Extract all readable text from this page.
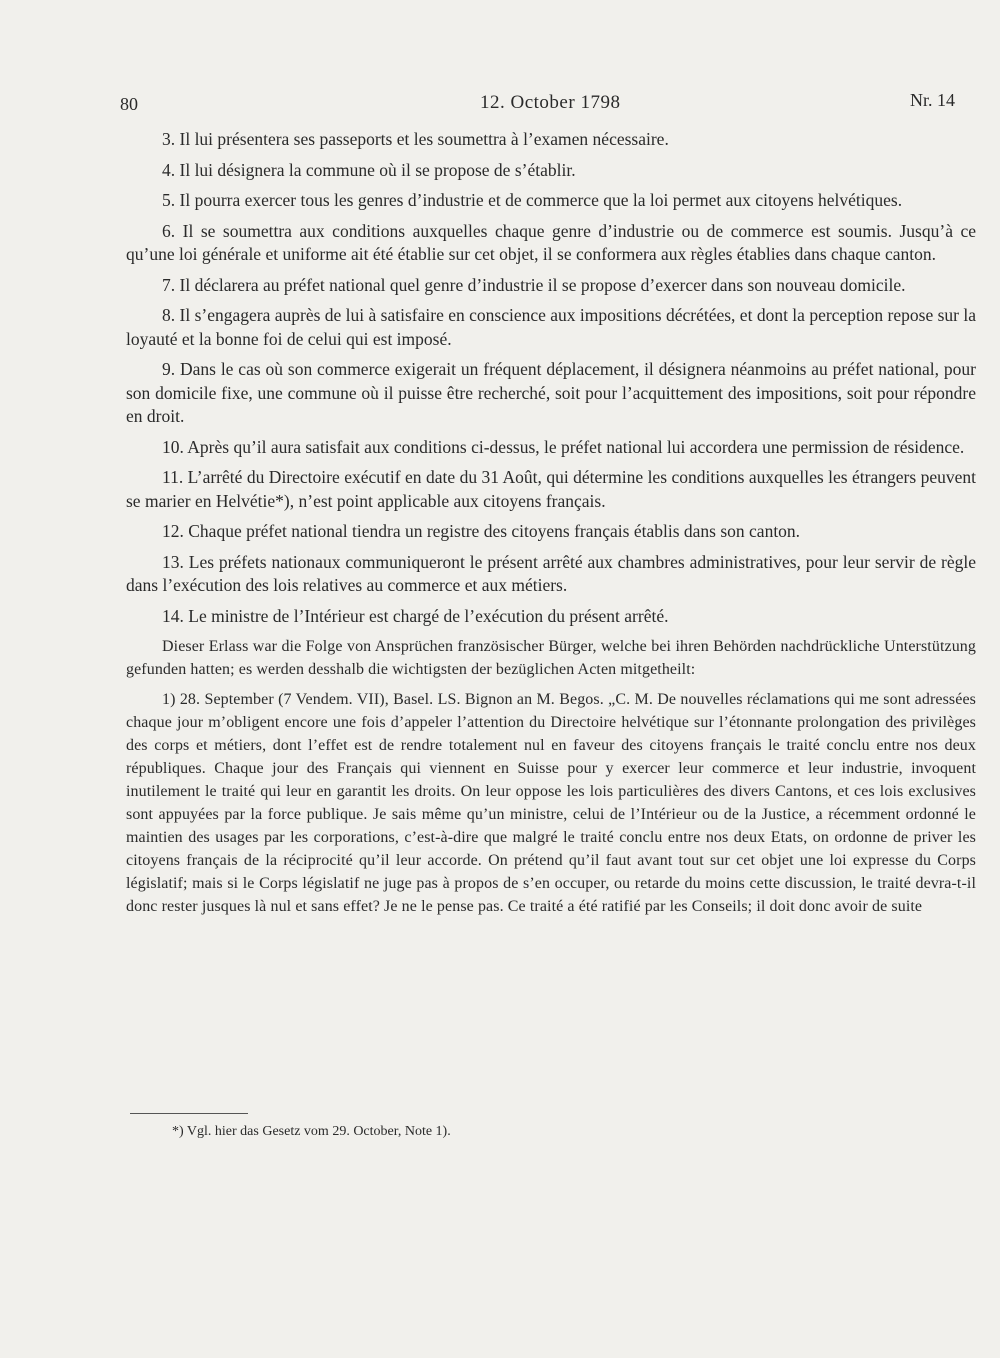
80	12. October 1798	Nr. 14

3. Il lui présentera ses passeports et les soumettra à l’examen nécessaire.

4. Il lui désignera la commune où il se propose de s’établir.

5. Il pourra exercer tous les genres d’industrie et de commerce que la loi permet aux citoyens helvétiques.

6. Il se soumettra aux conditions auxquelles chaque genre d’industrie ou de commerce est soumis. Jusqu’à ce qu’une loi générale et uniforme ait été établie sur cet objet, il se conformera aux règles établies dans chaque canton.

7. Il déclarera au préfet national quel genre d’industrie il se propose d’exercer dans son nouveau domicile.

8. Il s’engagera auprès de lui à satisfaire en conscience aux impositions décrétées, et dont la perception repose sur la loyauté et la bonne foi de celui qui est imposé.

9. Dans le cas où son commerce exigerait un fréquent déplacement, il désignera néanmoins au préfet national, pour son domicile fixe, une commune où il puisse être recherché, soit pour l’acquittement des impositions, soit pour répondre en droit.

10. Après qu’il aura satisfait aux conditions ci-dessus, le préfet national lui accordera une permission de résidence.

11. L’arrêté du Directoire exécutif en date du 31 Août, qui détermine les conditions auxquelles les étrangers peuvent se marier en Helvétie*), n’est point applicable aux citoyens français.

12. Chaque préfet national tiendra un registre des citoyens français établis dans son canton.

13. Les préfets nationaux communiqueront le présent arrêté aux chambres administratives, pour leur servir de règle dans l’exécution des lois relatives au commerce et aux métiers.

14. Le ministre de l’Intérieur est chargé de l’exécution du présent arrêté.

Dieser Erlass war die Folge von Ansprüchen französischer Bürger, welche bei ihren Behörden nachdrückliche Unterstützung gefunden hatten; es werden desshalb die wichtigsten der bezüglichen Acten mitgetheilt:

1) 28. September (7 Vendem. VII), Basel. LS. Bignon an M. Begos. „C. M. De nouvelles réclamations qui me sont adressées chaque jour m’obligent encore une fois d’appeler l’attention du Directoire helvétique sur l’étonnante prolongation des privilèges des corps et métiers, dont l’effet est de rendre totalement nul en faveur des citoyens français le traité conclu entre nos deux républiques. Chaque jour des Français qui viennent en Suisse pour y exercer leur commerce et leur industrie, invoquent inutilement le traité qui leur en garantit les droits. On leur oppose les lois particulières des divers Cantons, et ces lois exclusives sont appuyées par la force publique. Je sais même qu’un ministre, celui de l’Intérieur ou de la Justice, a récemment ordonné le maintien des usages par les corporations, c’est-à-dire que malgré le traité conclu entre nos deux Etats, on ordonne de priver les citoyens français de la réciprocité qu’il leur accorde. On prétend qu’il faut avant tout sur cet objet une loi expresse du Corps législatif; mais si le Corps législatif ne juge pas à propos de s’en occuper, ou retarde du moins cette discussion, le traité devra-t-il donc rester jusques là nul et sans effet? Je ne le pense pas. Ce traité a été ratifié par les Conseils; il doit donc avoir de suite

*) Vgl. hier das Gesetz vom 29. October, Note 1).
